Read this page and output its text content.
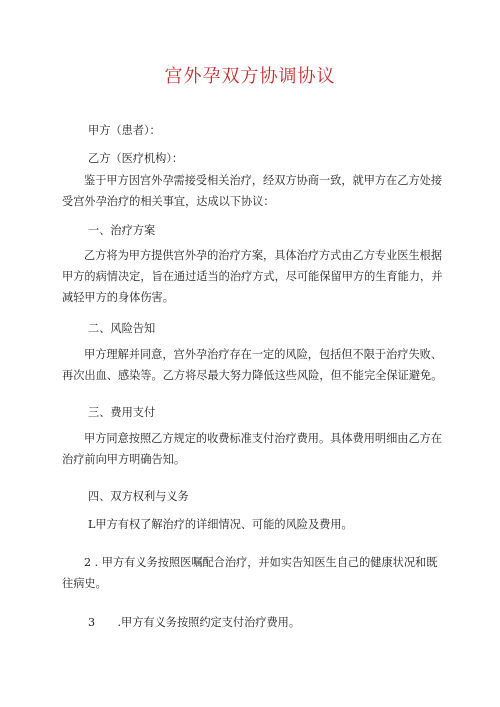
宫外孕双方协调协议
甲方（患者）：
乙方（医疗机构）：
鉴于甲方因宫外孕需接受相关治疗，经双方协商一致，就甲方在乙方处接受宫外孕治疗的相关事宜，达成以下协议：
一、治疗方案
乙方将为甲方提供宫外孕的治疗方案，具体治疗方式由乙方专业医生根据甲方的病情决定，旨在通过适当的治疗方式，尽可能保留甲方的生育能力，并减轻甲方的身体伤害。
二、风险告知
甲方理解并同意，宫外孕治疗存在一定的风险，包括但不限于治疗失败、再次出血、感染等。乙方将尽最大努力降低这些风险，但不能完全保证避免。
三、费用支付
甲方同意按照乙方规定的收费标准支付治疗费用。具体费用明细由乙方在治疗前向甲方明确告知。
四、双方权利与义务
L甲方有权了解治疗的详细情况、可能的风险及费用。
2 . 甲方有义务按照医嘱配合治疗，并如实告知医生自己的健康状况和既往病史。
3　　.甲方有义务按照约定支付治疗费用。
